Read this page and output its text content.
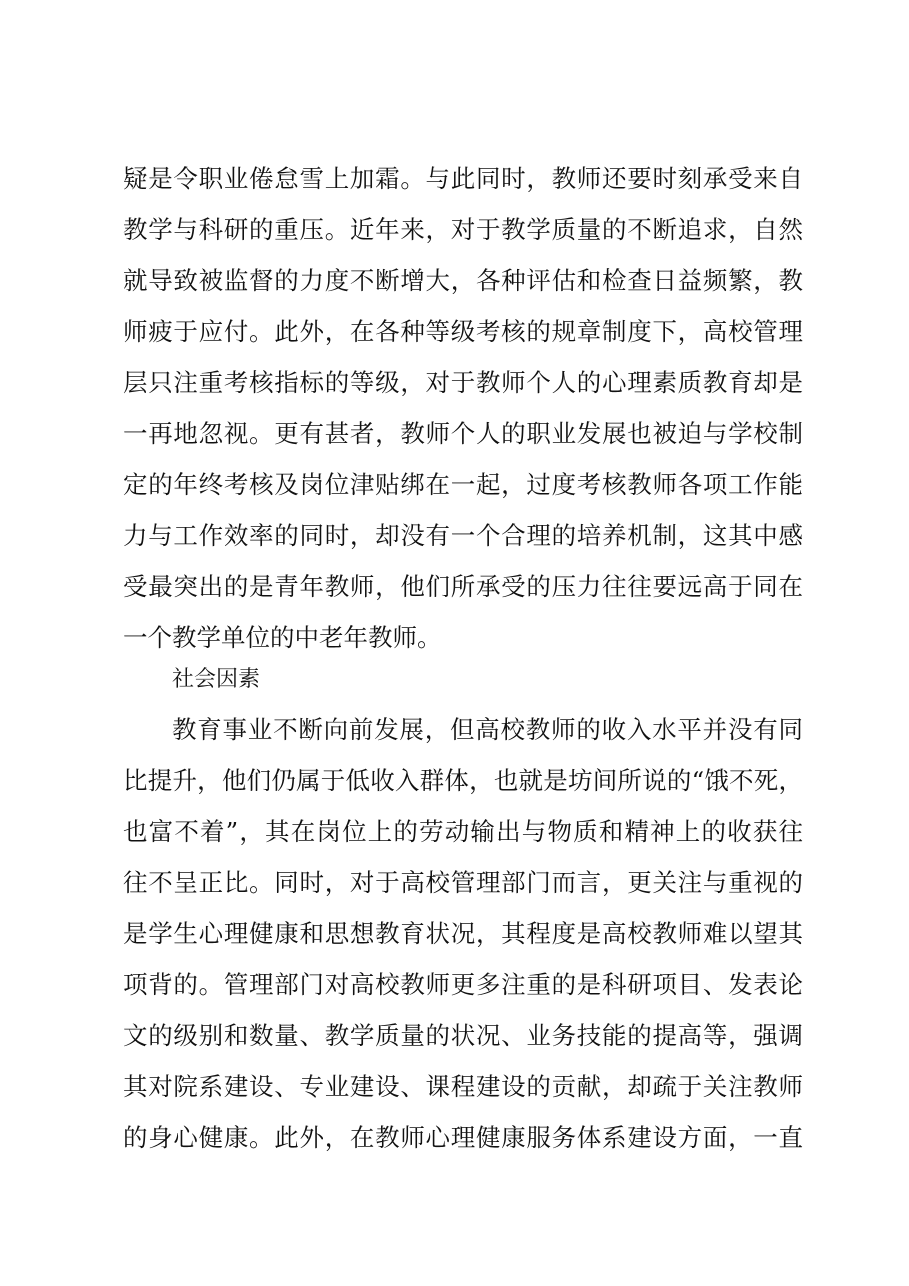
疑是令职业倦怠雪上加霜。与此同时，教师还要时刻承受来自
教学与科研的重压。近年来，对于教学质量的不断追求，自然
就导致被监督的力度不断增大，各种评估和检查日益频繁，教
师疲于应付。此外，在各种等级考核的规章制度下，高校管理
层只注重考核指标的等级，对于教师个人的心理素质教育却是
一再地忽视。更有甚者，教师个人的职业发展也被迫与学校制
定的年终考核及岗位津贴绑在一起，过度考核教师各项工作能
力与工作效率的同时，却没有一个合理的培养机制，这其中感
受最突出的是青年教师，他们所承受的压力往往要远高于同在
一个教学单位的中老年教师。
社会因素
教育事业不断向前发展，但高校教师的收入水平并没有同
比提升，他们仍属于低收入群体，也就是坊间所说的“饿不死，
也富不着”，其在岗位上的劳动输出与物质和精神上的收获往
往不呈正比。同时，对于高校管理部门而言，更关注与重视的
是学生心理健康和思想教育状况，其程度是高校教师难以望其
项背的。管理部门对高校教师更多注重的是科研项目、发表论
文的级别和数量、教学质量的状况、业务技能的提高等，强调
其对院系建设、专业建设、课程建设的贡献，却疏于关注教师
的身心健康。此外，在教师心理健康服务体系建设方面，一直
